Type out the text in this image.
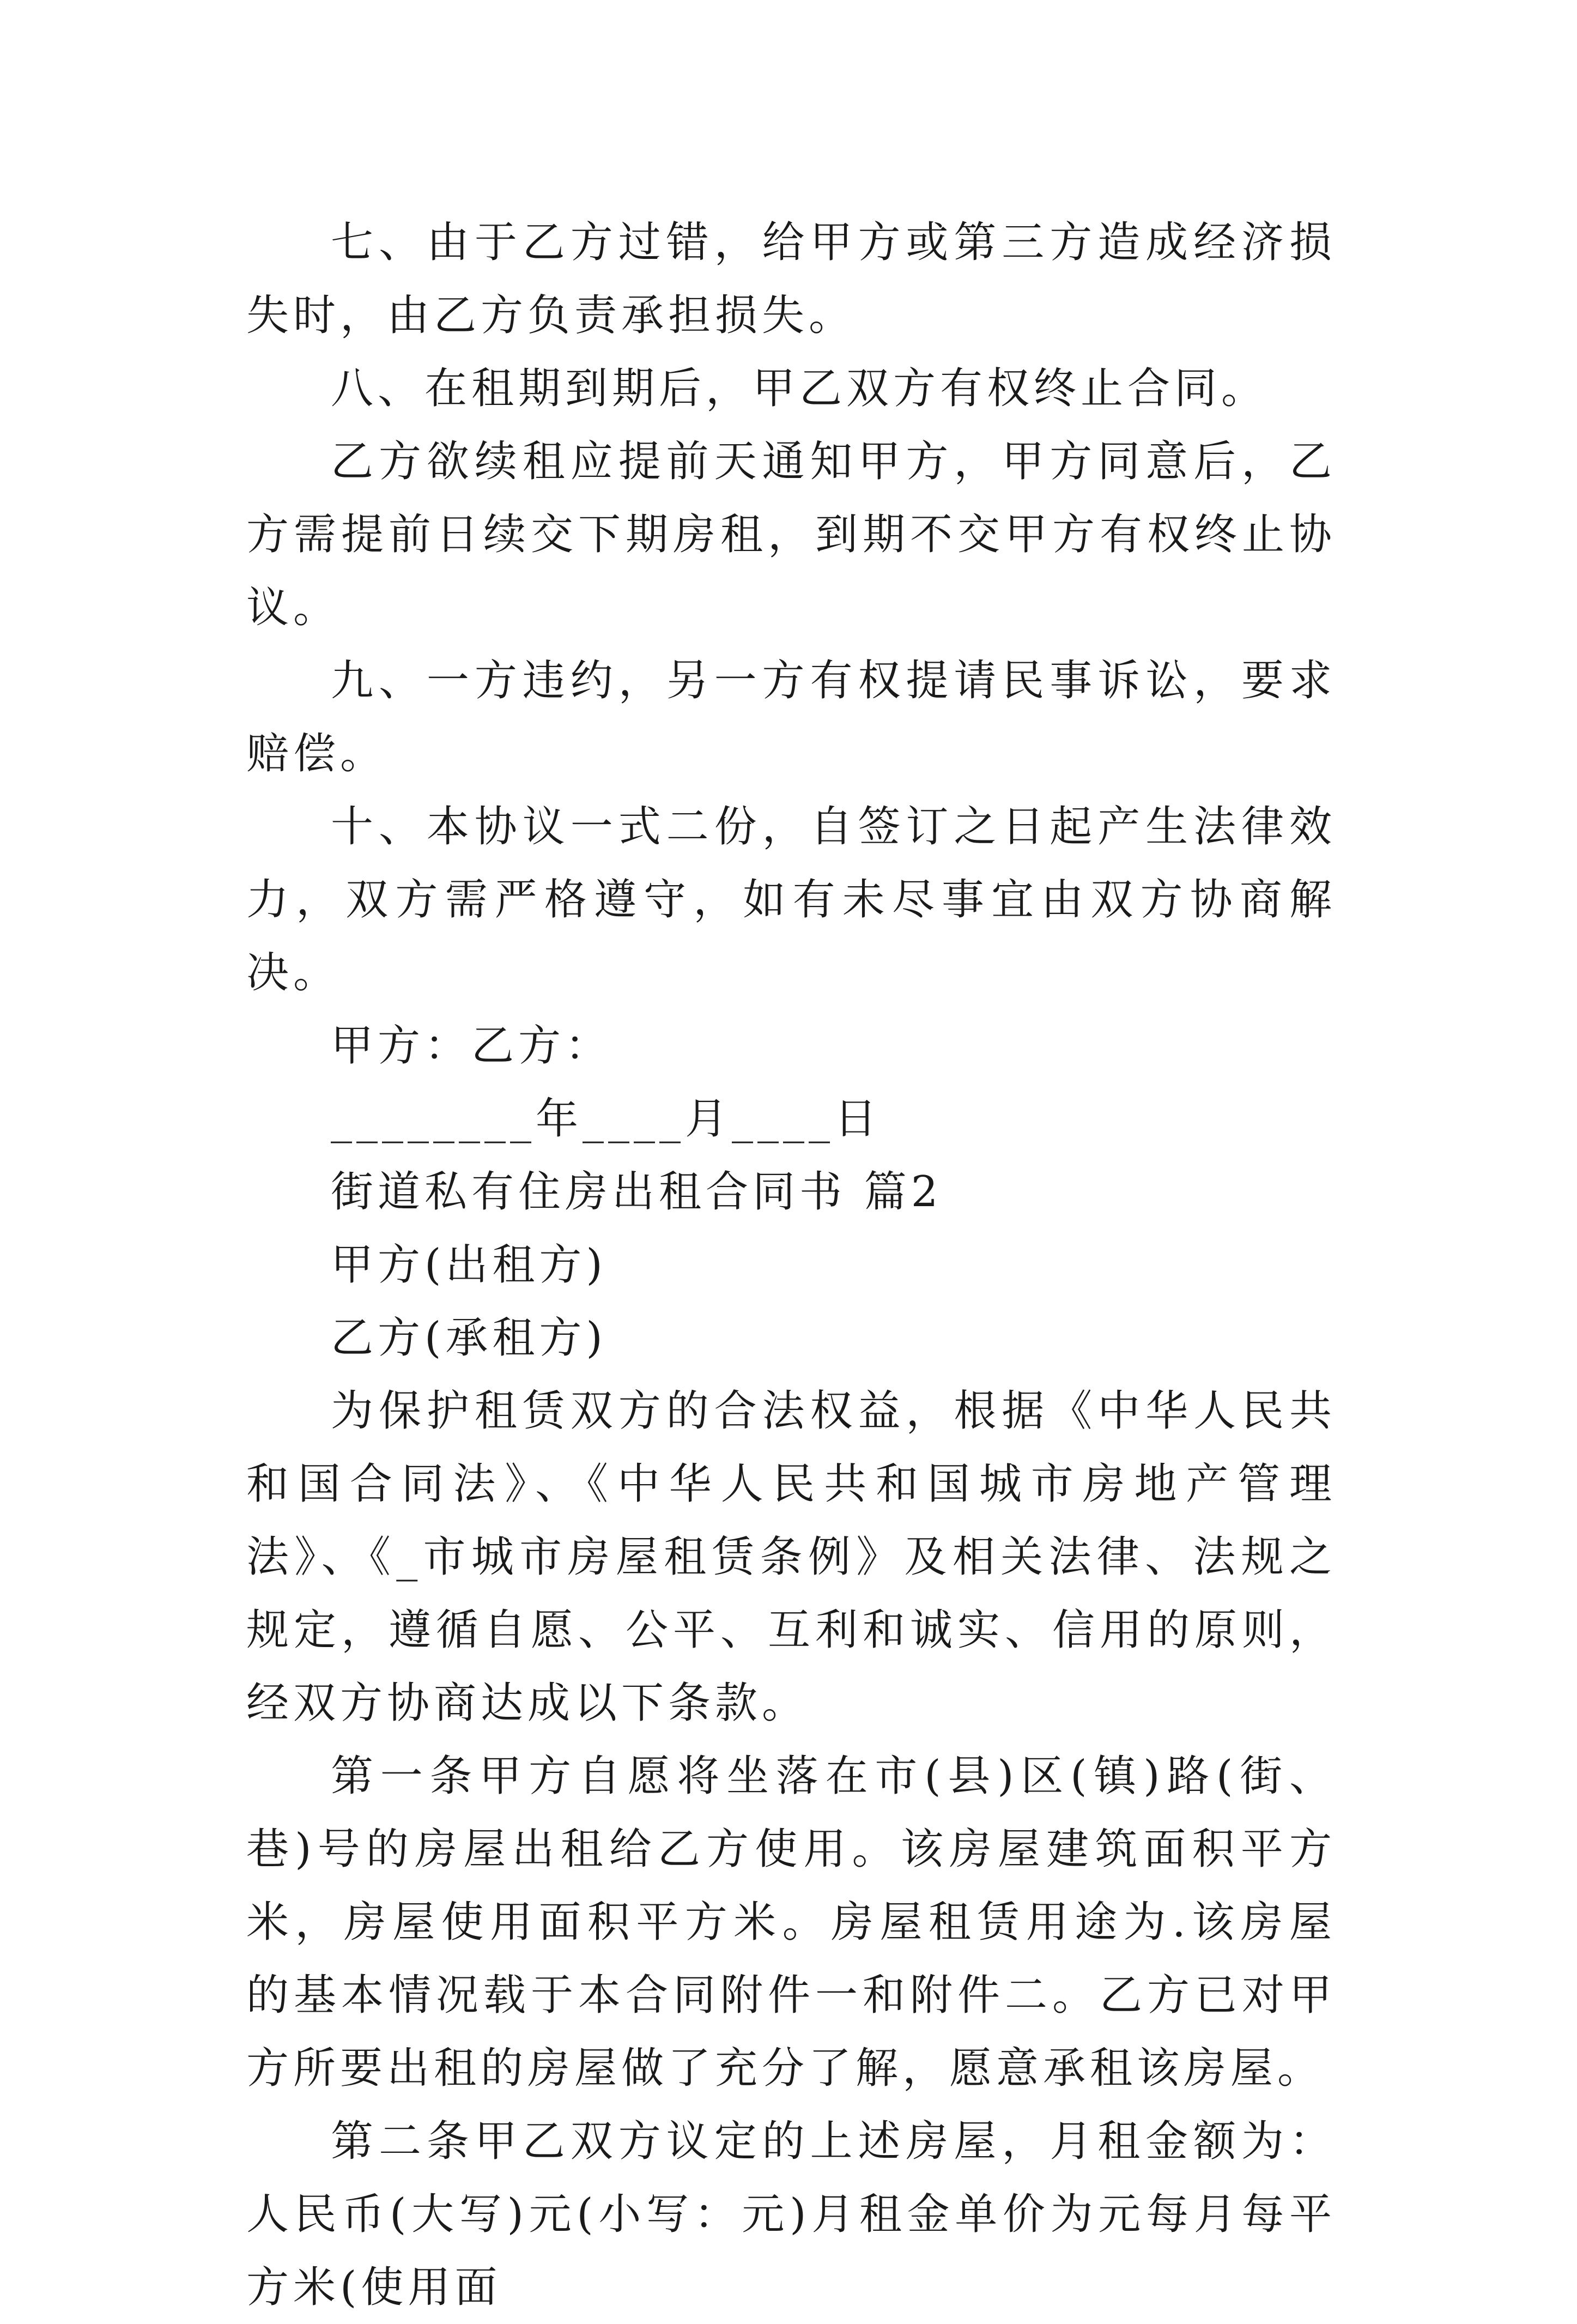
七、由于乙方过错，给甲方或第三方造成经济损失时，由乙方负责承担损失。

八、在租期到期后，甲乙双方有权终止合同。

乙方欲续租应提前天通知甲方，甲方同意后，乙方需提前日续交下期房租，到期不交甲方有权终止协议。

九、一方违约，另一方有权提请民事诉讼，要求赔偿。

十、本协议一式二份，自签订之日起产生法律效力，双方需严格遵守，如有未尽事宜由双方协商解决。

甲方：乙方：

________年____月____日

街道私有住房出租合同书 篇2

甲方(出租方)

乙方(承租方)

为保护租赁双方的合法权益，根据《中华人民共和国合同法》、《中华人民共和国城市房地产管理法》、《_市城市房屋租赁条例》及相关法律、法规之规定，遵循自愿、公平、互利和诚实、信用的原则，经双方协商达成以下条款。

第一条甲方自愿将坐落在市(县)区(镇)路(街、巷)号的房屋出租给乙方使用。该房屋建筑面积平方米，房屋使用面积平方米。房屋租赁用途为.该房屋的基本情况载于本合同附件一和附件二。乙方已对甲方所要出租的房屋做了充分了解，愿意承租该房屋。

第二条甲乙双方议定的上述房屋，月租金额为：人民币(大写)元(小写：元)月租金单价为元每月每平方米(使用面
